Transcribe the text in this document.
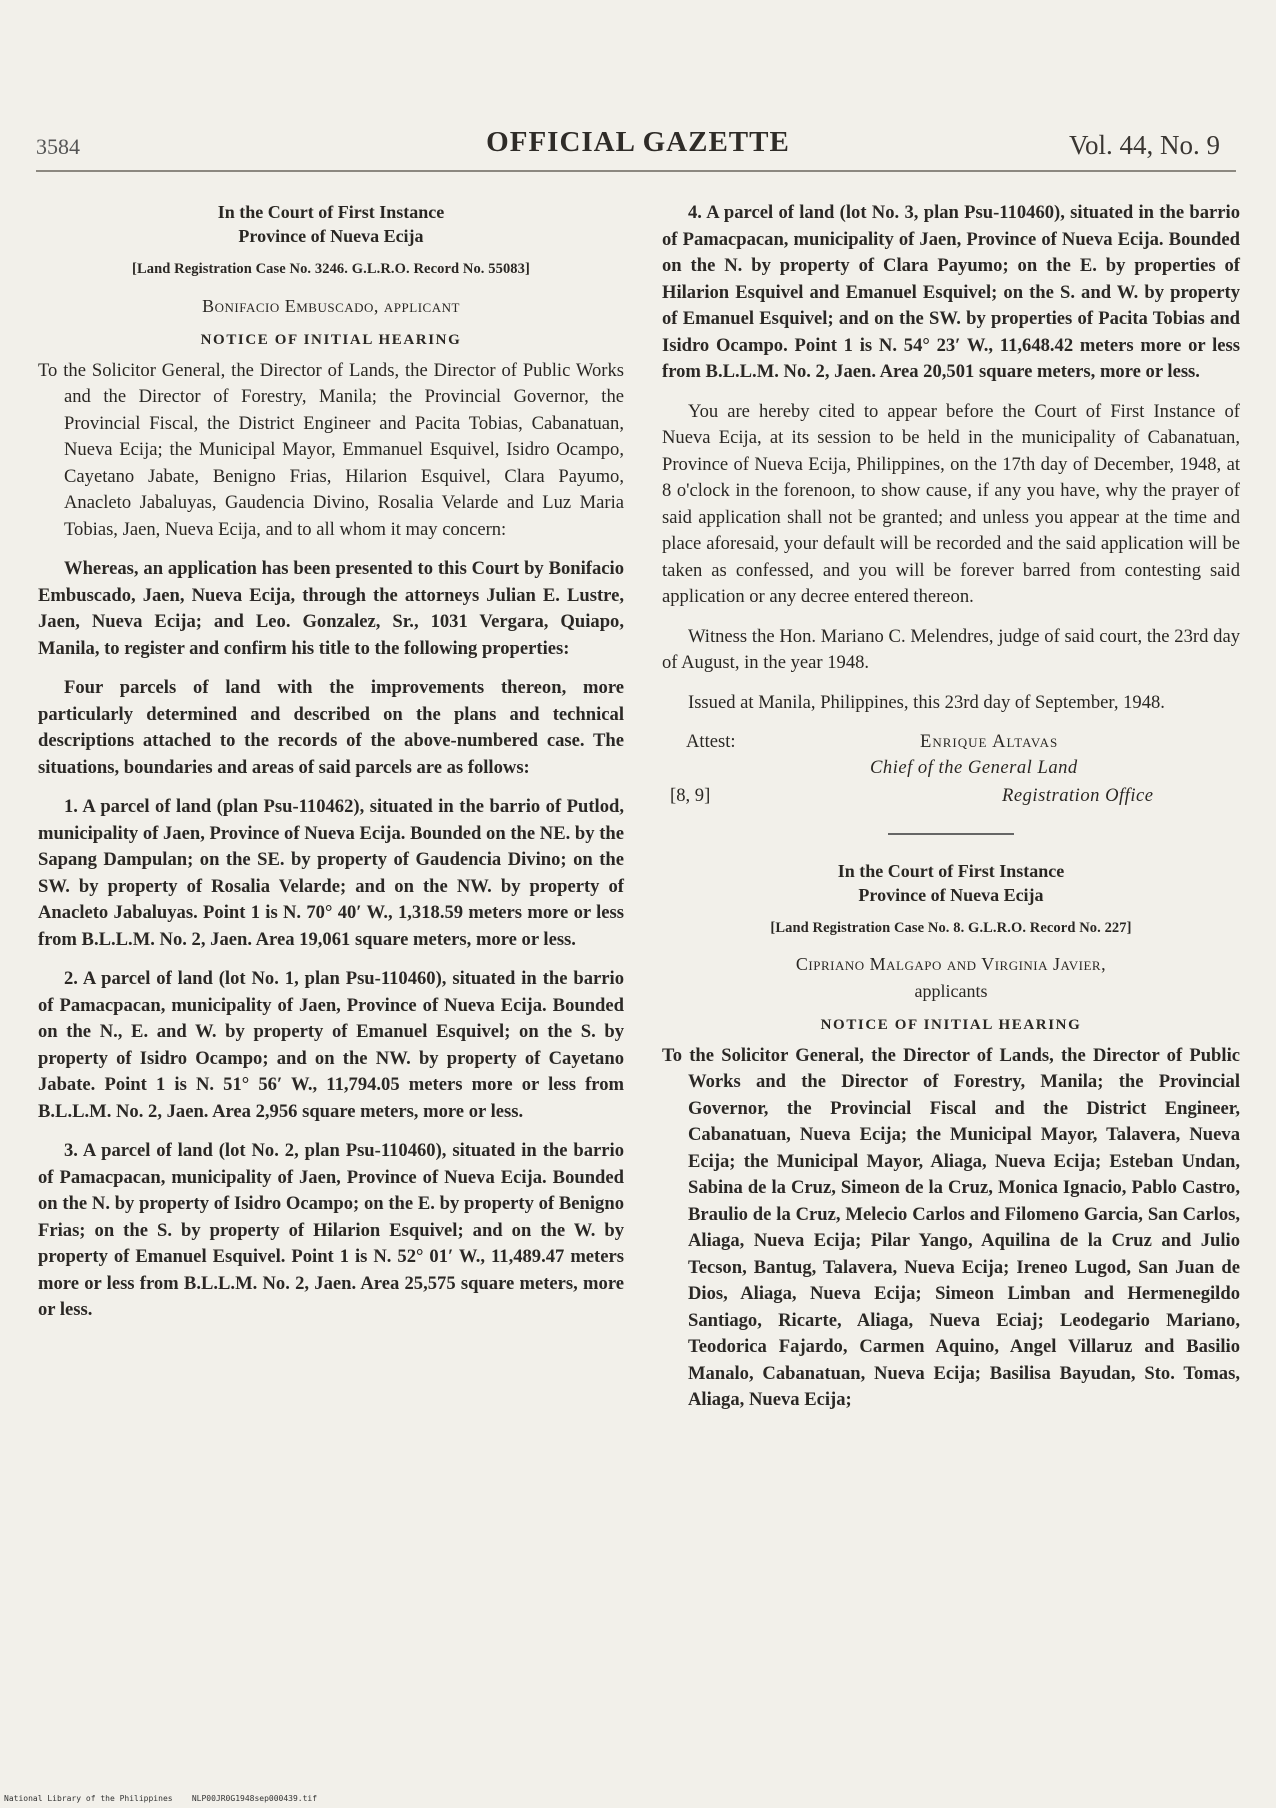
3584	OFFICIAL GAZETTE	Vol. 44, No. 9
In the Court of First Instance
Province of Nueva Ecija
[Land Registration Case No. 3246. G.L.R.O. Record No. 55083]
Bonifacio Embuscado, applicant
NOTICE OF INITIAL HEARING

To the Solicitor General, the Director of Lands, the Director of Public Works and the Director of Forestry, Manila; the Provincial Governor, the Provincial Fiscal, the District Engineer and Pacita Tobias, Cabanatuan, Nueva Ecija; the Municipal Mayor, Emmanuel Esquivel, Isidro Ocampo, Cayetano Jabate, Benigno Frias, Hilarion Esquivel, Clara Payumo, Anacleto Jabaluyas, Gaudencia Divino, Rosalia Velarde and Luz Maria Tobias, Jaen, Nueva Ecija, and to all whom it may concern:

Whereas, an application has been presented to this Court by Bonifacio Embuscado, Jaen, Nueva Ecija, through the attorneys Julian E. Lustre, Jaen, Nueva Ecija; and Leo. Gonzalez, Sr., 1031 Vergara, Quiapo, Manila, to register and confirm his title to the following properties:

Four parcels of land with the improvements thereon, more particularly determined and described on the plans and technical descriptions attached to the records of the above-numbered case. The situations, boundaries and areas of said parcels are as follows:

1. A parcel of land (plan Psu-110462), situated in the barrio of Putlod, municipality of Jaen, Province of Nueva Ecija. Bounded on the NE. by the Sapang Dampulan; on the SE. by property of Gaudencia Divino; on the SW. by property of Rosalia Velarde; and on the NW. by property of Anacleto Jabaluyas. Point 1 is N. 70° 40′ W., 1,318.59 meters more or less from B.L.L.M. No. 2, Jaen. Area 19,061 square meters, more or less.

2. A parcel of land (lot No. 1, plan Psu-110460), situated in the barrio of Pamacpacan, municipality of Jaen, Province of Nueva Ecija. Bounded on the N., E. and W. by property of Emanuel Esquivel; on the S. by property of Isidro Ocampo; and on the NW. by property of Cayetano Jabate. Point 1 is N. 51° 56′ W., 11,794.05 meters more or less from B.L.L.M. No. 2, Jaen. Area 2,956 square meters, more or less.

3. A parcel of land (lot No. 2, plan Psu-110460), situated in the barrio of Pamacpacan, municipality of Jaen, Province of Nueva Ecija. Bounded on the N. by property of Isidro Ocampo; on the E. by property of Benigno Frias; on the S. by property of Hilarion Esquivel; and on the W. by property of Emanuel Esquivel. Point 1 is N. 52° 01′ W., 11,489.47 meters more or less from B.L.L.M. No. 2, Jaen. Area 25,575 square meters, more or less.

4. A parcel of land (lot No. 3, plan Psu-110460), situated in the barrio of Pamacpacan, municipality of Jaen, Province of Nueva Ecija. Bounded on the N. by property of Clara Payumo; on the E. by properties of Hilarion Esquivel and Emanuel Esquivel; on the S. and W. by property of Emanuel Esquivel; and on the SW. by properties of Pacita Tobias and Isidro Ocampo. Point 1 is N. 54° 23′ W., 11,648.42 meters more or less from B.L.L.M. No. 2, Jaen. Area 20,501 square meters, more or less.

You are hereby cited to appear before the Court of First Instance of Nueva Ecija, at its session to be held in the municipality of Cabanatuan, Province of Nueva Ecija, Philippines, on the 17th day of December, 1948, at 8 o'clock in the forenoon, to show cause, if any you have, why the prayer of said application shall not be granted; and unless you appear at the time and place aforesaid, your default will be recorded and the said application will be taken as confessed, and you will be forever barred from contesting said application or any decree entered thereon.

Witness the Hon. Mariano C. Melendres, judge of said court, the 23rd day of August, in the year 1948.

Issued at Manila, Philippines, this 23rd day of September, 1948.

Attest:	Enrique Altavas
Chief of the General Land
[8, 9]	Registration Office
In the Court of First Instance
Province of Nueva Ecija
[Land Registration Case No. 8. G.L.R.O. Record No. 227]
Cipriano Malgapo and Virginia Javier,
applicants
NOTICE OF INITIAL HEARING

To the Solicitor General, the Director of Lands, the Director of Public Works and the Director of Forestry, Manila; the Provincial Governor, the Provincial Fiscal and the District Engineer, Cabanatuan, Nueva Ecija; the Municipal Mayor, Talavera, Nueva Ecija; the Municipal Mayor, Aliaga, Nueva Ecija; Esteban Undan, Sabina de la Cruz, Simeon de la Cruz, Monica Ignacio, Pablo Castro, Braulio de la Cruz, Melecio Carlos and Filomeno Garcia, San Carlos, Aliaga, Nueva Ecija; Pilar Yango, Aquilina de la Cruz and Julio Tecson, Bantug, Talavera, Nueva Ecija; Ireneo Lugod, San Juan de Dios, Aliaga, Nueva Ecija; Simeon Limban and Hermenegildo Santiago, Ricarte, Aliaga, Nueva Eciaj; Leodegario Mariano, Teodorica Fajardo, Carmen Aquino, Angel Villaruz and Basilio Manalo, Cabanatuan, Nueva Ecija; Basilisa Bayudan, Sto. Tomas, Aliaga, Nueva Ecija;

National Library of the Philippines    NLP00JR0G1948sep000439.tif
